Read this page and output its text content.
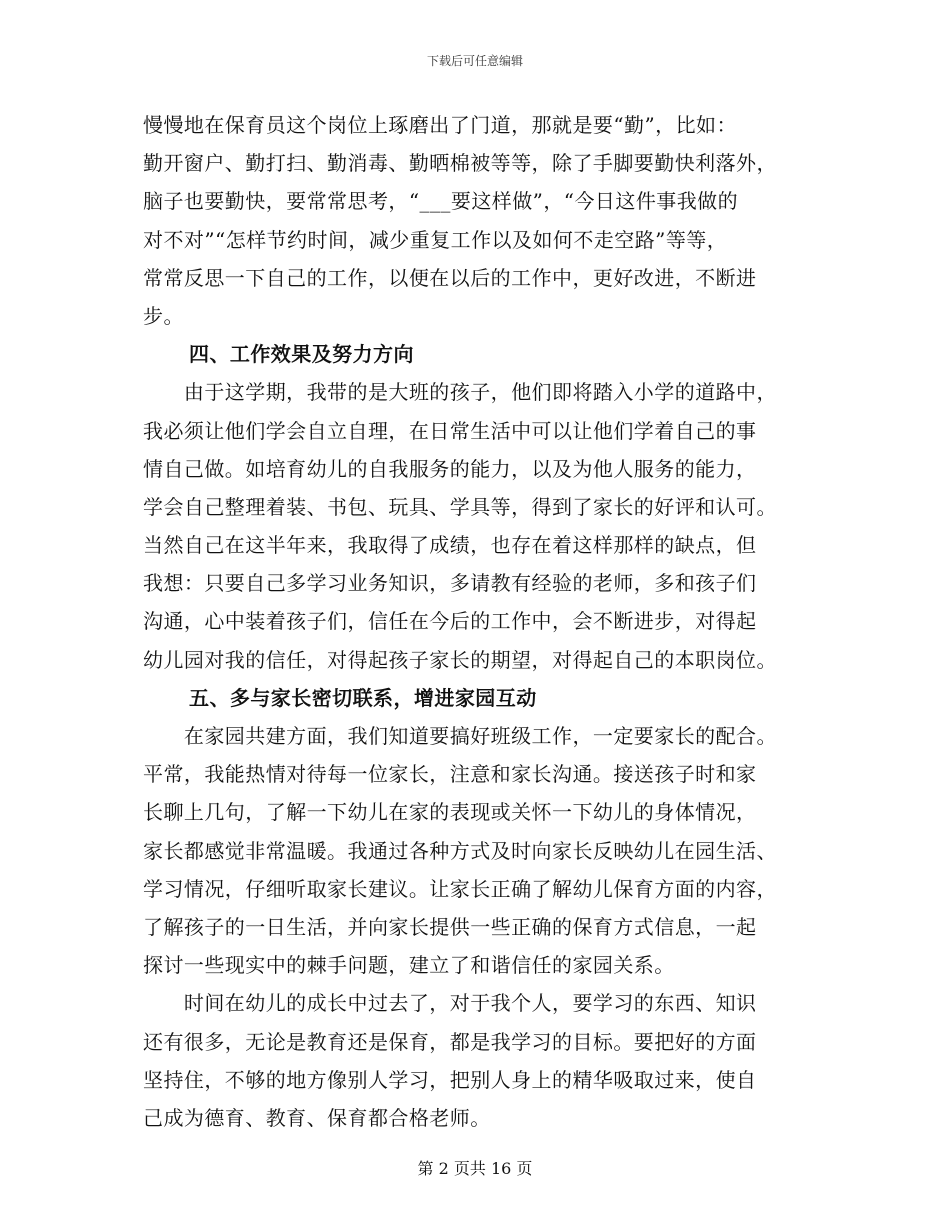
下载后可任意编辑
慢慢地在保育员这个岗位上琢磨出了门道，那就是要“勤”，比如：
勤开窗户、勤打扫、勤消毒、勤晒棉被等等，除了手脚要勤快利落外，
脑子也要勤快，要常常思考，“___要这样做”，“今日这件事我做的
对不对”“怎样节约时间，减少重复工作以及如何不走空路”等等，
常常反思一下自己的工作，以便在以后的工作中，更好改进，不断进
步。
四、工作效果及努力方向
　　由于这学期，我带的是大班的孩子，他们即将踏入小学的道路中，
我必须让他们学会自立自理，在日常生活中可以让他们学着自己的事
情自己做。如培育幼儿的自我服务的能力，以及为他人服务的能力，
学会自己整理着装、书包、玩具、学具等，得到了家长的好评和认可。
当然自己在这半年来，我取得了成绩，也存在着这样那样的缺点，但
我想：只要自己多学习业务知识，多请教有经验的老师，多和孩子们
沟通，心中装着孩子们，信任在今后的工作中，会不断进步，对得起
幼儿园对我的信任，对得起孩子家长的期望，对得起自己的本职岗位。
五、多与家长密切联系，增进家园互动
　　在家园共建方面，我们知道要搞好班级工作，一定要家长的配合。
平常，我能热情对待每一位家长，注意和家长沟通。接送孩子时和家
长聊上几句，了解一下幼儿在家的表现或关怀一下幼儿的身体情况，
家长都感觉非常温暖。我通过各种方式及时向家长反映幼儿在园生活、
学习情况，仔细听取家长建议。让家长正确了解幼儿保育方面的内容，
了解孩子的一日生活，并向家长提供一些正确的保育方式信息，一起
探讨一些现实中的棘手问题，建立了和谐信任的家园关系。
　　时间在幼儿的成长中过去了，对于我个人，要学习的东西、知识
还有很多，无论是教育还是保育，都是我学习的目标。要把好的方面
坚持住，不够的地方像别人学习，把别人身上的精华吸取过来，使自
己成为德育、教育、保育都合格老师。
第 2 页共 16 页
